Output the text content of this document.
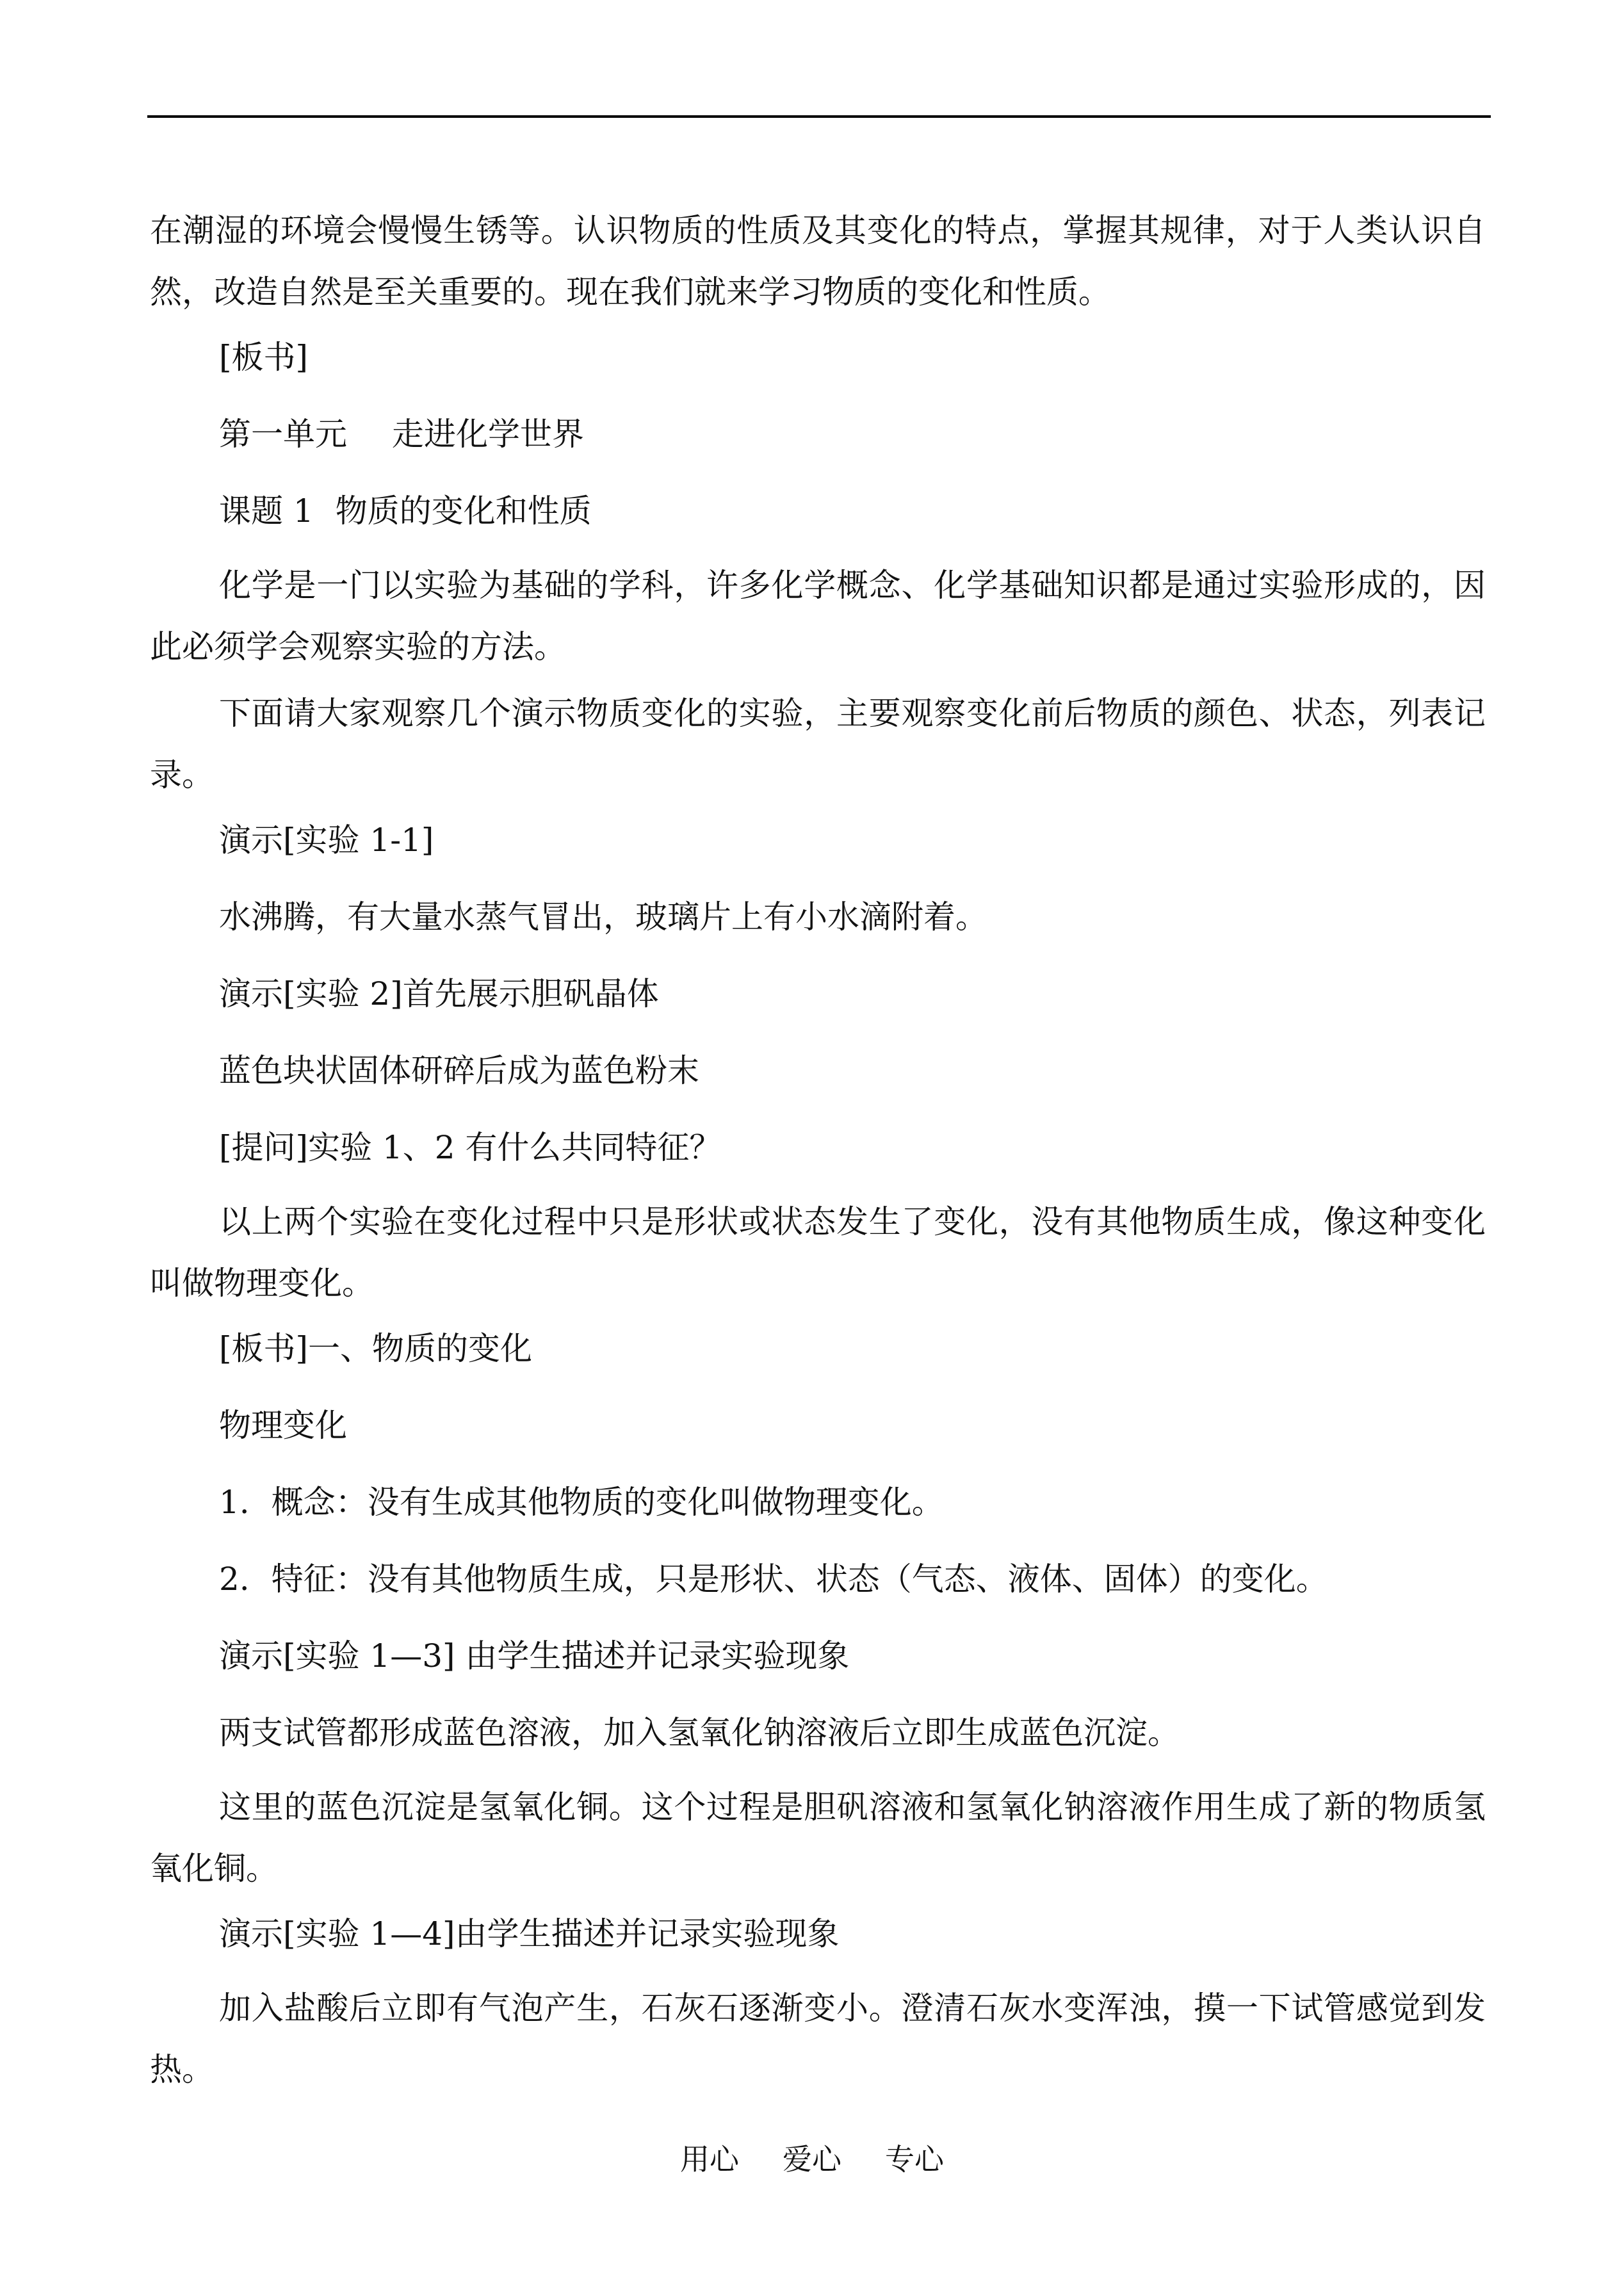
在潮湿的环境会慢慢生锈等。认识物质的性质及其变化的特点，掌握其规律，对于人类认识自然，改造自然是至关重要的。现在我们就来学习物质的变化和性质。

[板书]

第一单元 走进化学世界

课题 1 物质的变化和性质

化学是一门以实验为基础的学科，许多化学概念、化学基础知识都是通过实验形成的，因此必须学会观察实验的方法。

下面请大家观察几个演示物质变化的实验，主要观察变化前后物质的颜色、状态，列表记录。

演示[实验 1-1]

水沸腾，有大量水蒸气冒出，玻璃片上有小水滴附着。

演示[实验 2]首先展示胆矾晶体

蓝色块状固体研碎后成为蓝色粉末

[提问]实验 1、2 有什么共同特征？

以上两个实验在变化过程中只是形状或状态发生了变化，没有其他物质生成，像这种变化叫做物理变化。

[板书]一、物质的变化

物理变化

1. 概念：没有生成其他物质的变化叫做物理变化。

2. 特征：没有其他物质生成，只是形状、状态（气态、液体、固体）的变化。

演示[实验 1—3] 由学生描述并记录实验现象

两支试管都形成蓝色溶液，加入氢氧化钠溶液后立即生成蓝色沉淀。

这里的蓝色沉淀是氢氧化铜。这个过程是胆矾溶液和氢氧化钠溶液作用生成了新的物质氢氧化铜。

演示[实验 1—4]由学生描述并记录实验现象

加入盐酸后立即有气泡产生，石灰石逐渐变小。澄清石灰水变浑浊，摸一下试管感觉到发热。

用心 爱心 专心
